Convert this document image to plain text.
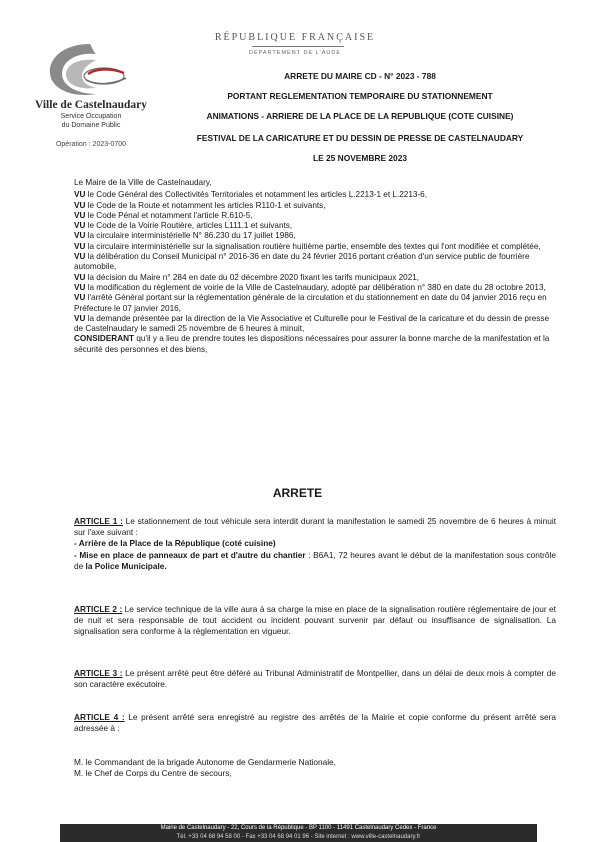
Ville de Castelnaudary
Service Occupation
du Domaine Public
Opération : 2023-0700
RÉPUBLIQUE FRANÇAISE
DÉPARTEMENT DE L'AUDE
ARRETE DU MAIRE CD - N° 2023 - 788
PORTANT REGLEMENTATION TEMPORAIRE DU STATIONNEMENT
ANIMATIONS - ARRIERE DE LA PLACE DE LA REPUBLIQUE (COTE CUISINE)
FESTIVAL DE LA CARICATURE ET DU DESSIN DE PRESSE DE CASTELNAUDARY
LE 25 NOVEMBRE 2023

Le Maire de la Ville de Castelnaudary,

VU le Code Général des Collectivités Territoriales et notamment les articles L.2213-1 et L.2213-6,

VU le Code de la Route et notamment les articles R110-1 et suivants,

VU le Code Pénal et notamment l'article R.610-5,

VU le Code de la Voirie Routière, articles L111.1 et suivants,

VU la circulaire interministérielle N° 86.230 du 17 juillet 1986,

VU la circulaire interministérielle sur la signalisation routière huitième partie, ensemble des textes qui l'ont modifiée et complétée,

VU la délibération du Conseil Municipal n° 2016-36 en date du 24 février 2016 portant création d'un service public de fourrière automobile,

VU la décision du Maire n° 284 en date du 02 décembre 2020 fixant les tarifs municipaux 2021,

VU la modification du règlement de voirie de la Ville de Castelnaudary, adopté par délibération n° 380 en date du 28 octobre 2013,

VU l'arrêté Général portant sur la réglementation générale de la circulation et du stationnement en date du 04 janvier 2016 reçu en Préfecture le 07 janvier 2016,

VU la demande présentée par la direction de la Vie Associative et Culturelle pour le Festival de la caricature et du dessin de presse de Castelnaudary le samedi 25 novembre de 6 heures à minuit,

CONSIDERANT qu'il y a lieu de prendre toutes les dispositions nécessaires pour assurer la bonne marche de la manifestation et la sécurité des personnes et des biens,

ARRETE

ARTICLE 1 : Le stationnement de tout véhicule sera interdit durant la manifestation le samedi 25 novembre de 6 heures à minuit sur l'axe suivant :

- Arrière de la Place de la République (coté cuisine)

- Mise en place de panneaux de part et d'autre du chantier : B6A1, 72 heures avant le début de la manifestation sous contrôle de la Police Municipale.

ARTICLE 2 : Le service technique de la ville aura à sa charge la mise en place de la signalisation routière réglementaire de jour et de nuit et sera responsable de tout accident ou incident pouvant survenir par défaut ou insuffisance de signalisation. La signalisation sera conforme à la réglementation en vigueur.

ARTICLE 3 : Le présent arrêté peut être déféré au Tribunal Administratif de Montpellier, dans un délai de deux mois à compter de son caractère exécutoire.

ARTICLE 4 : Le présent arrêté sera enregistré au registre des arrêtés de la Mairie et copie conforme du présent arrêté sera adressée à :

M. le Commandant de la brigade Autonome de Gendarmerie Nationale,

M. le Chef de Corps du Centre de secours,

Mairie de Castelnaudary - 22, Cours de la République - BP 1100 - 11491 Castelnaudary Cedex - France
Tél. +33 04 68 94 58 00 - Fax +33 04 68 94 01 96 - Site internet : www.ville-castelnaudary.fr
